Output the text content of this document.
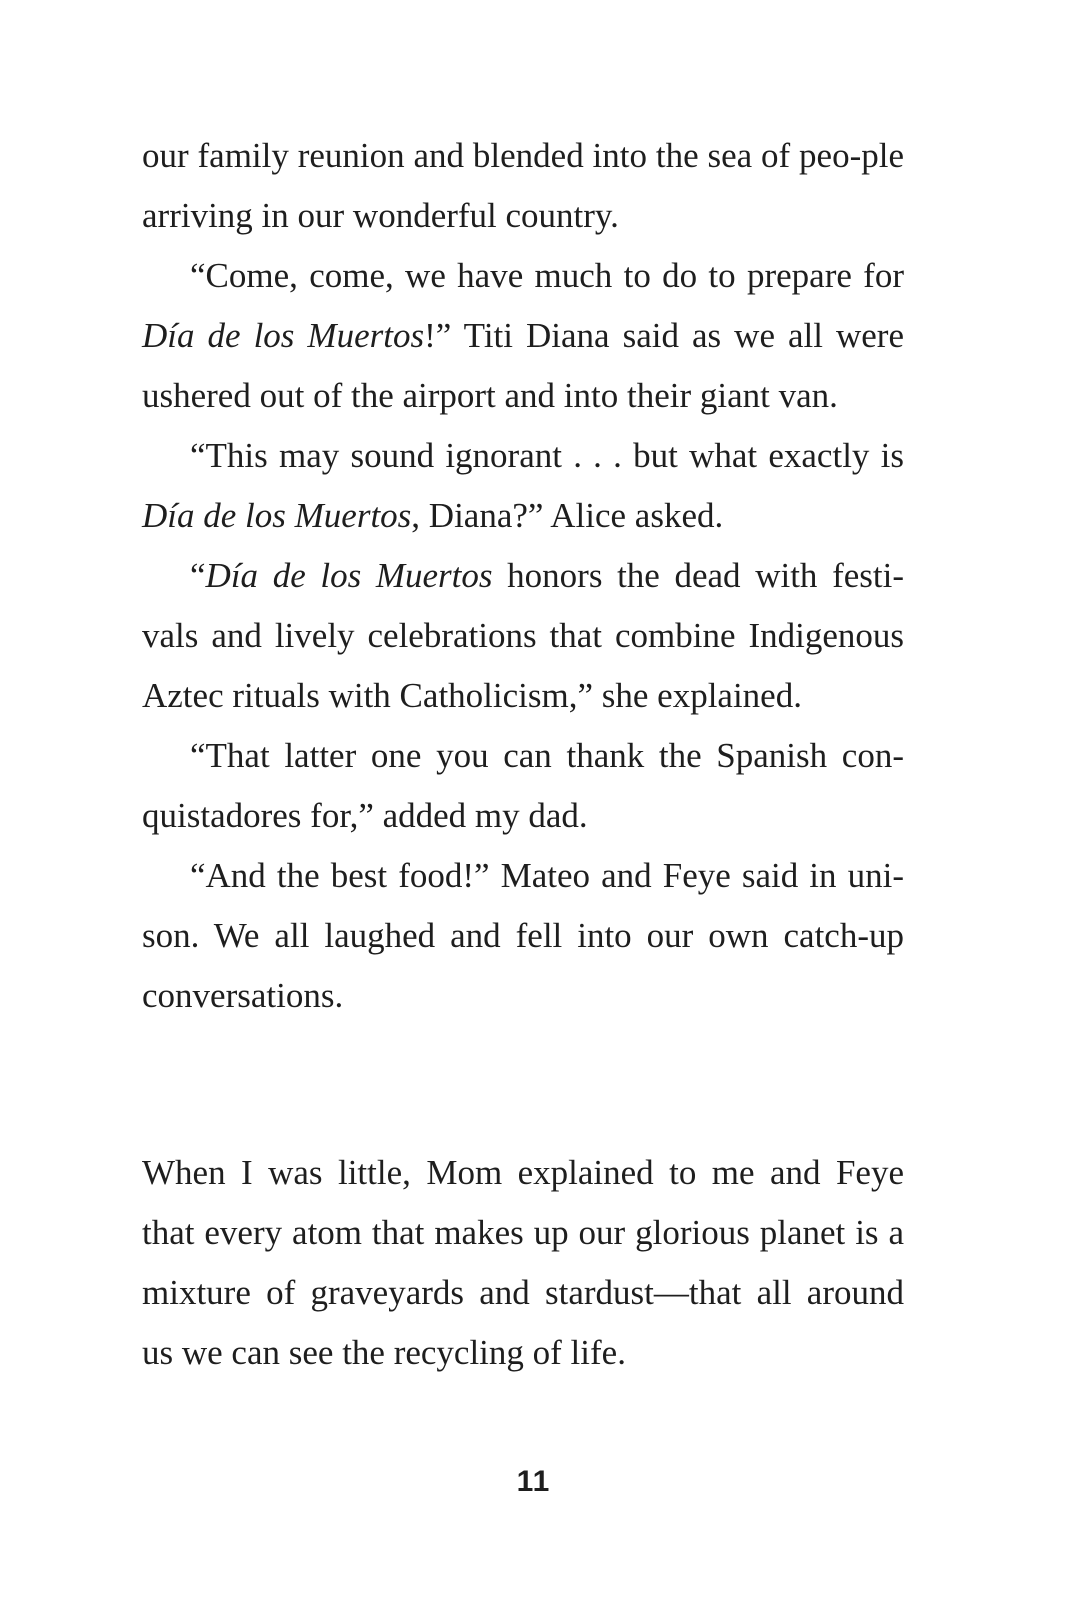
our family reunion and blended into the sea of peo-ple arriving in our wonderful country.

“Come, come, we have much to do to prepare for Día de los Muertos!” Titi Diana said as we all were ushered out of the airport and into their giant van.

“This may sound ignorant . . . but what exactly is Día de los Muertos, Diana?” Alice asked.

“Día de los Muertos honors the dead with festi-vals and lively celebrations that combine Indigenous Aztec rituals with Catholicism,” she explained.

“That latter one you can thank the Spanish con-quistadores for,” added my dad.

“And the best food!” Mateo and Feye said in uni-son. We all laughed and fell into our own catch-up conversations.

When I was little, Mom explained to me and Feye that every atom that makes up our glorious planet is a mixture of graveyards and stardust—that all around us we can see the recycling of life.

11
